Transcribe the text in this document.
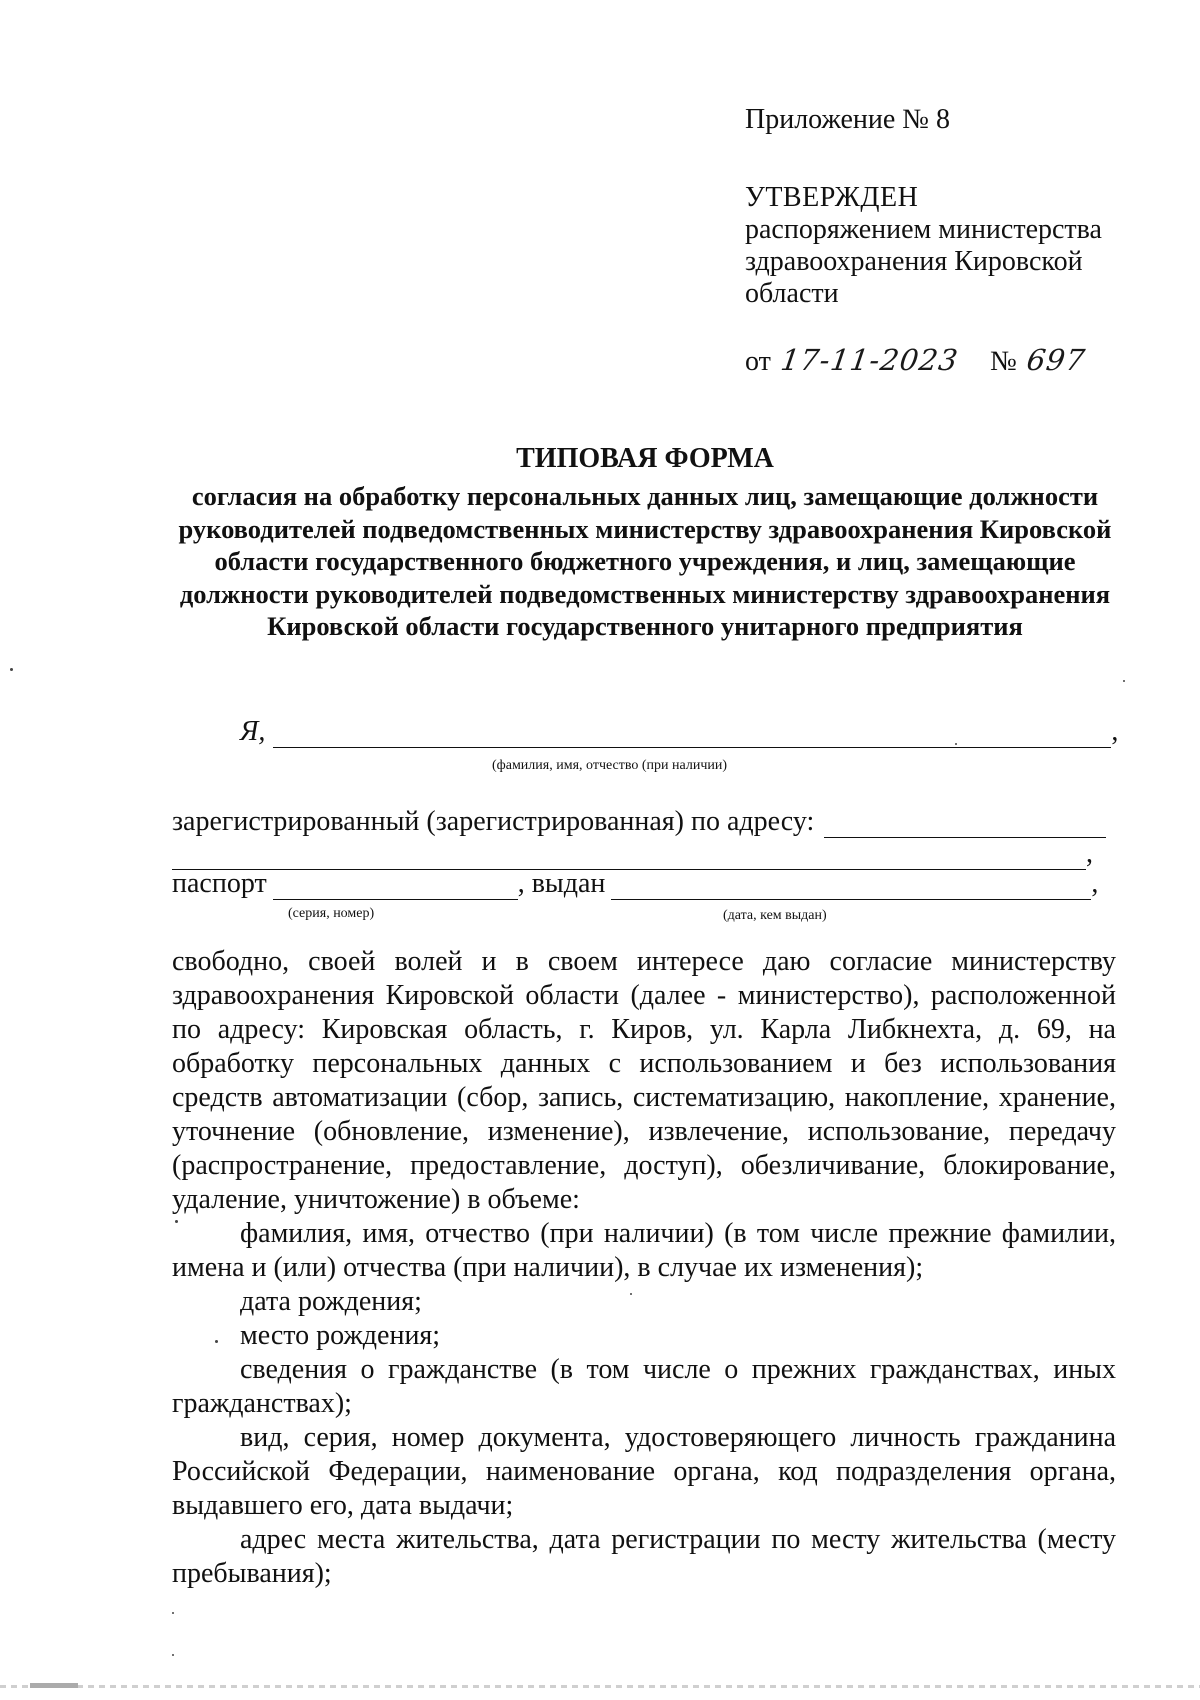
Приложение № 8

УТВЕРЖДЕН

распоряжением министерства здравоохранения Кировской области

от 17-11-2023 № 697

ТИПОВАЯ ФОРМА

согласия на обработку персональных данных лиц, замещающие должности руководителей подведомственных министерству здравоохранения Кировской области государственного бюджетного учреждения, и лиц, замещающие должности руководителей подведомственных министерству здравоохранения Кировской области государственного унитарного предприятия

Я,	,
(фамилия, имя, отчество (при наличии)
зарегистрированный (зарегистрированная) по адресу:
,
паспорт	, выдан	,
(серия, номер)	(дата, кем выдан)

свободно, своей волей и в своем интересе даю согласие министерству здравоохранения Кировской области (далее - министерство), расположенной по адресу: Кировская область, г. Киров, ул. Карла Либкнехта, д. 69, на обработку персональных данных с использованием и без использования средств автоматизации (сбор, запись, систематизацию, накопление, хранение, уточнение (обновление, изменение), извлечение, использование, передачу (распространение, предоставление, доступ), обезличивание, блокирование, удаление, уничтожение) в объеме:

фамилия, имя, отчество (при наличии) (в том числе прежние фамилии, имена и (или) отчества (при наличии), в случае их изменения);

дата рождения;

место рождения;

сведения о гражданстве (в том числе о прежних гражданствах, иных гражданствах);

вид, серия, номер документа, удостоверяющего личность гражданина Российской Федерации, наименование органа, код подразделения органа, выдавшего его, дата выдачи;

адрес места жительства, дата регистрации по месту жительства (месту пребывания);
